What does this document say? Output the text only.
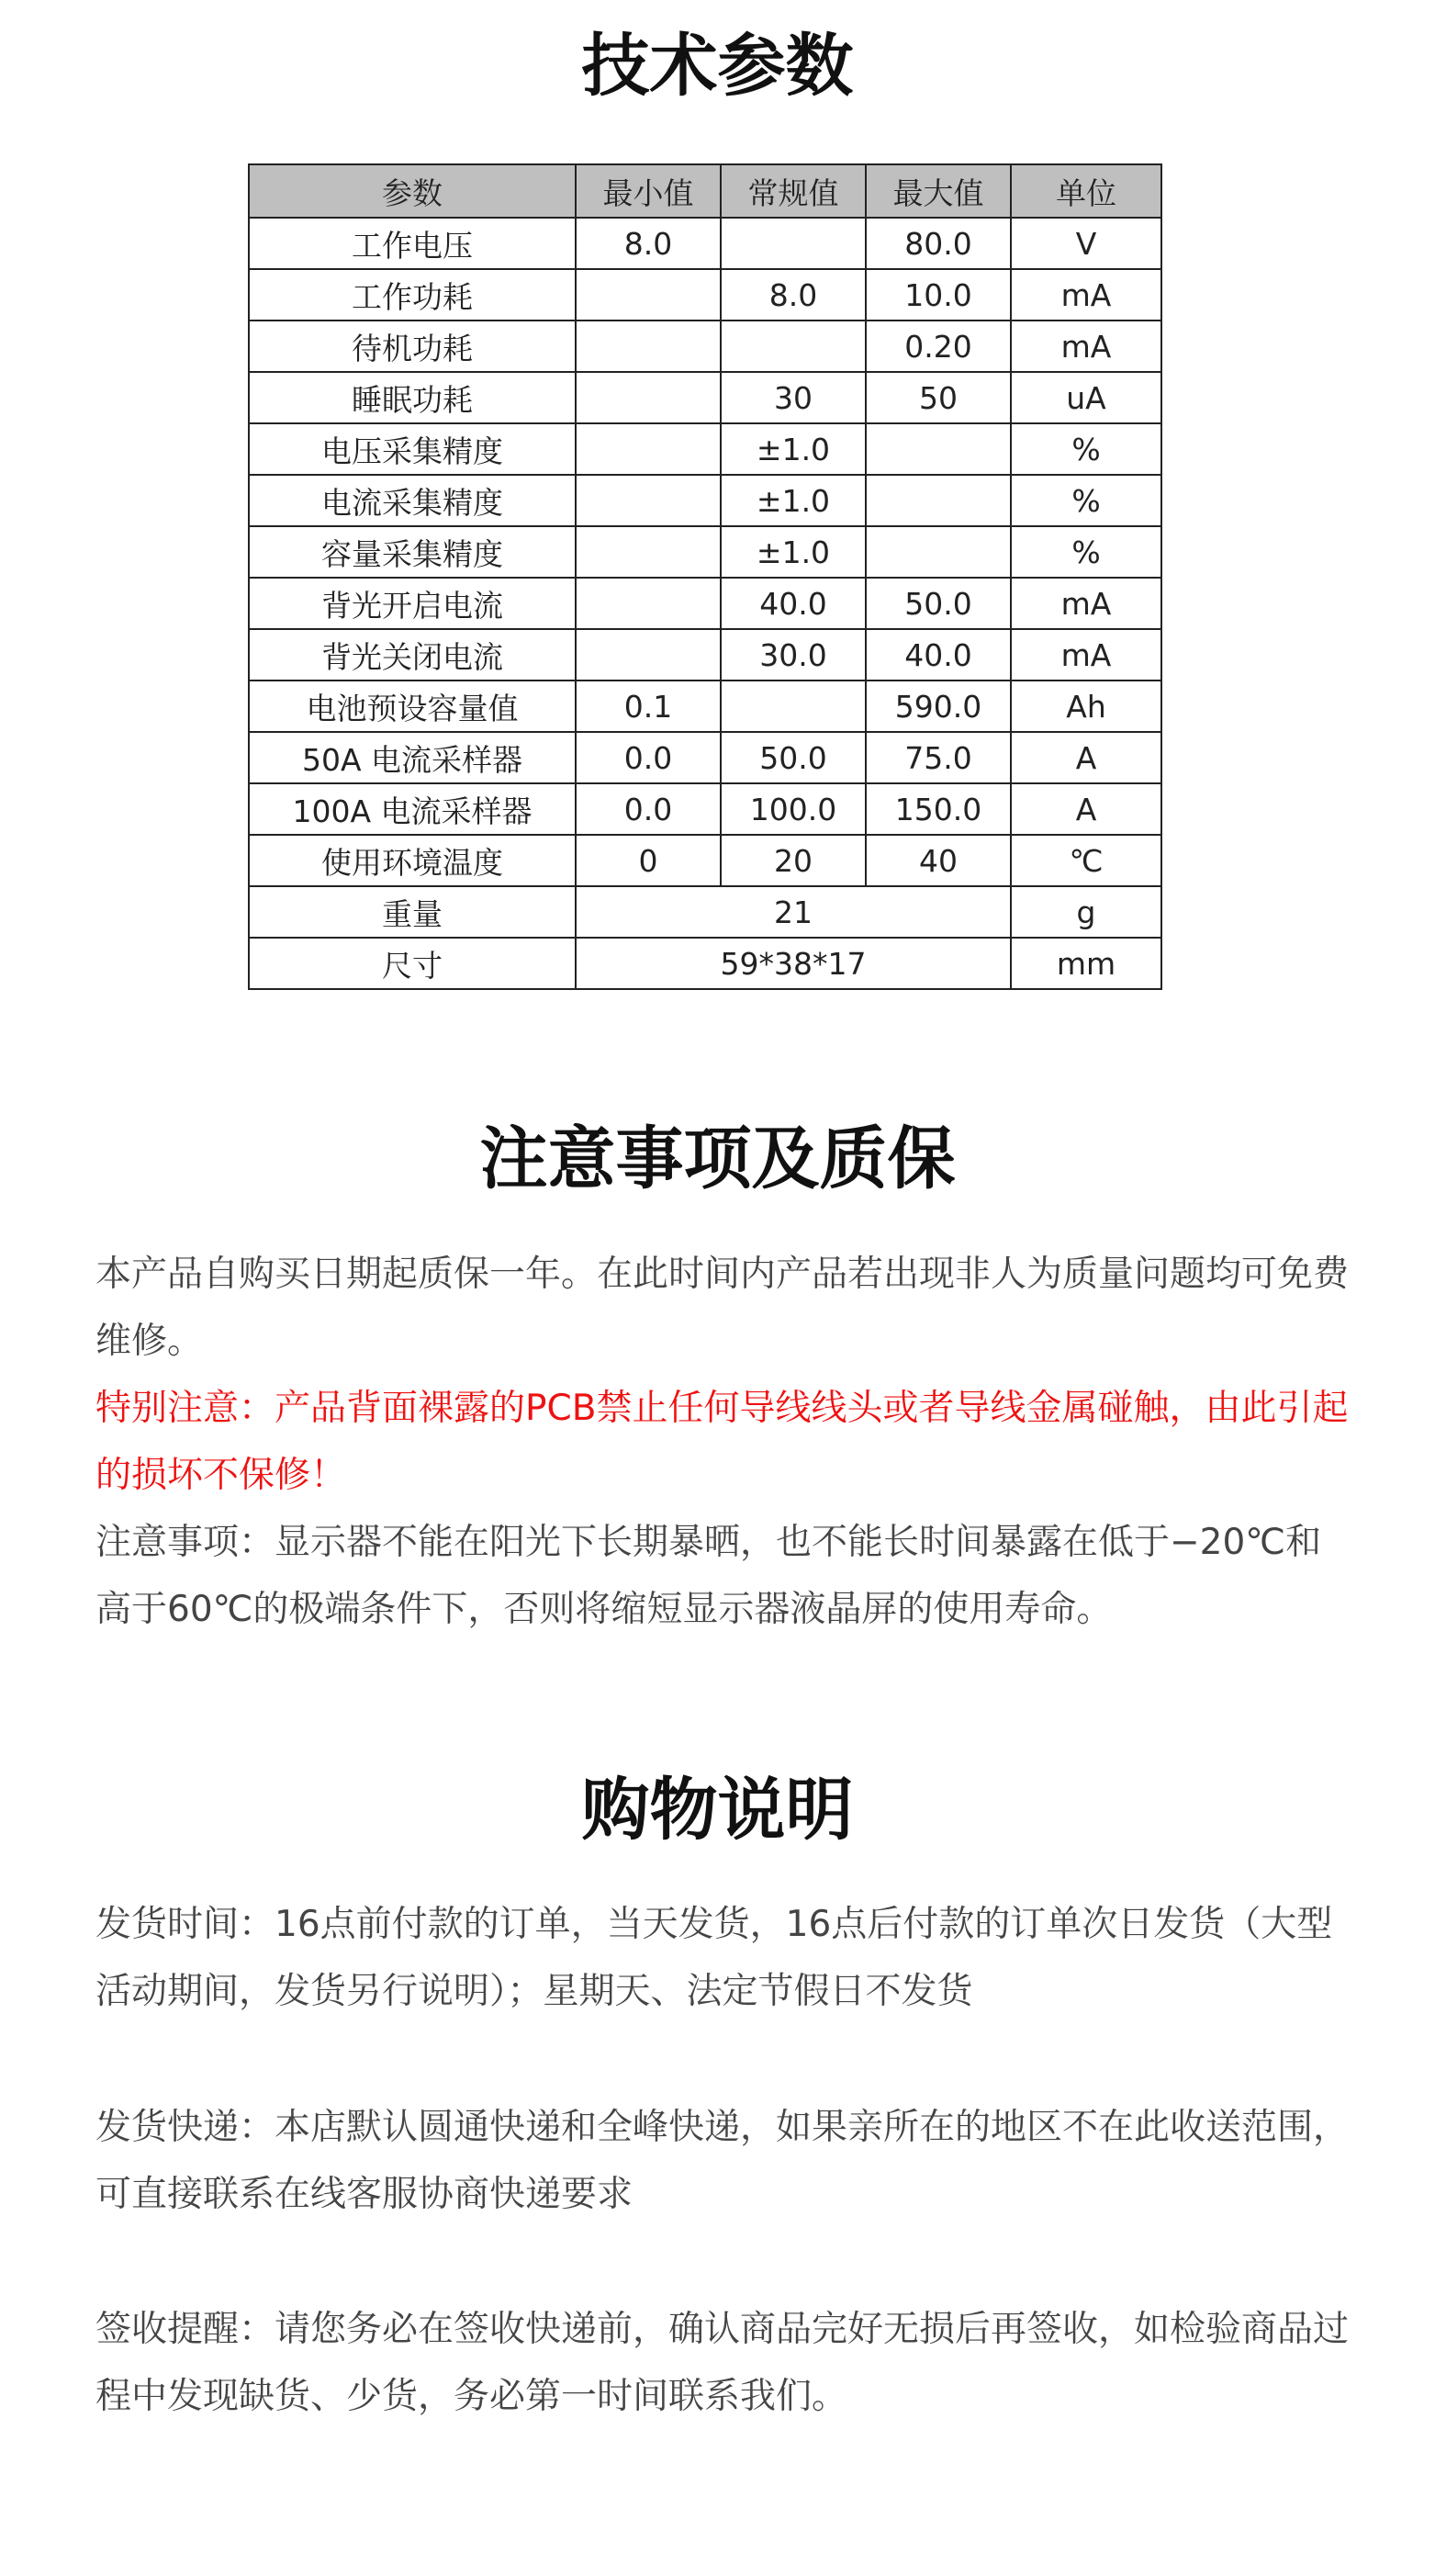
技术参数
参数	最小值	常规值	最大值	单位
工作电压	8.0		80.0	V
工作功耗		8.0	10.0	mA
待机功耗			0.20	mA
睡眠功耗		30	50	uA
电压采集精度		±1.0		%
电流采集精度		±1.0		%
容量采集精度		±1.0		%
背光开启电流		40.0	50.0	mA
背光关闭电流		30.0	40.0	mA
电池预设容量值	0.1		590.0	Ah
50A 电流采样器	0.0	50.0	75.0	A
100A 电流采样器	0.0	100.0	150.0	A
使用环境温度	0	20	40	℃
重量	21			g
尺寸	59*38*17			mm
注意事项及质保

本产品自购买日期起质保一年。在此时间内产品若出现非人为质量问题均可免费维修。

特别注意：产品背面裸露的PCB禁止任何导线线头或者导线金属碰触，由此引起的损坏不保修！

注意事项：显示器不能在阳光下长期暴晒，也不能长时间暴露在低于−20℃和高于60℃的极端条件下，否则将缩短显示器液晶屏的使用寿命。

购物说明

发货时间：16点前付款的订单，当天发货，16点后付款的订单次日发货（大型活动期间，发货另行说明）；星期天、法定节假日不发货

发货快递：本店默认圆通快递和全峰快递，如果亲所在的地区不在此收送范围，可直接联系在线客服协商快递要求

签收提醒：请您务必在签收快递前，确认商品完好无损后再签收，如检验商品过程中发现缺货、少货，务必第一时间联系我们。
